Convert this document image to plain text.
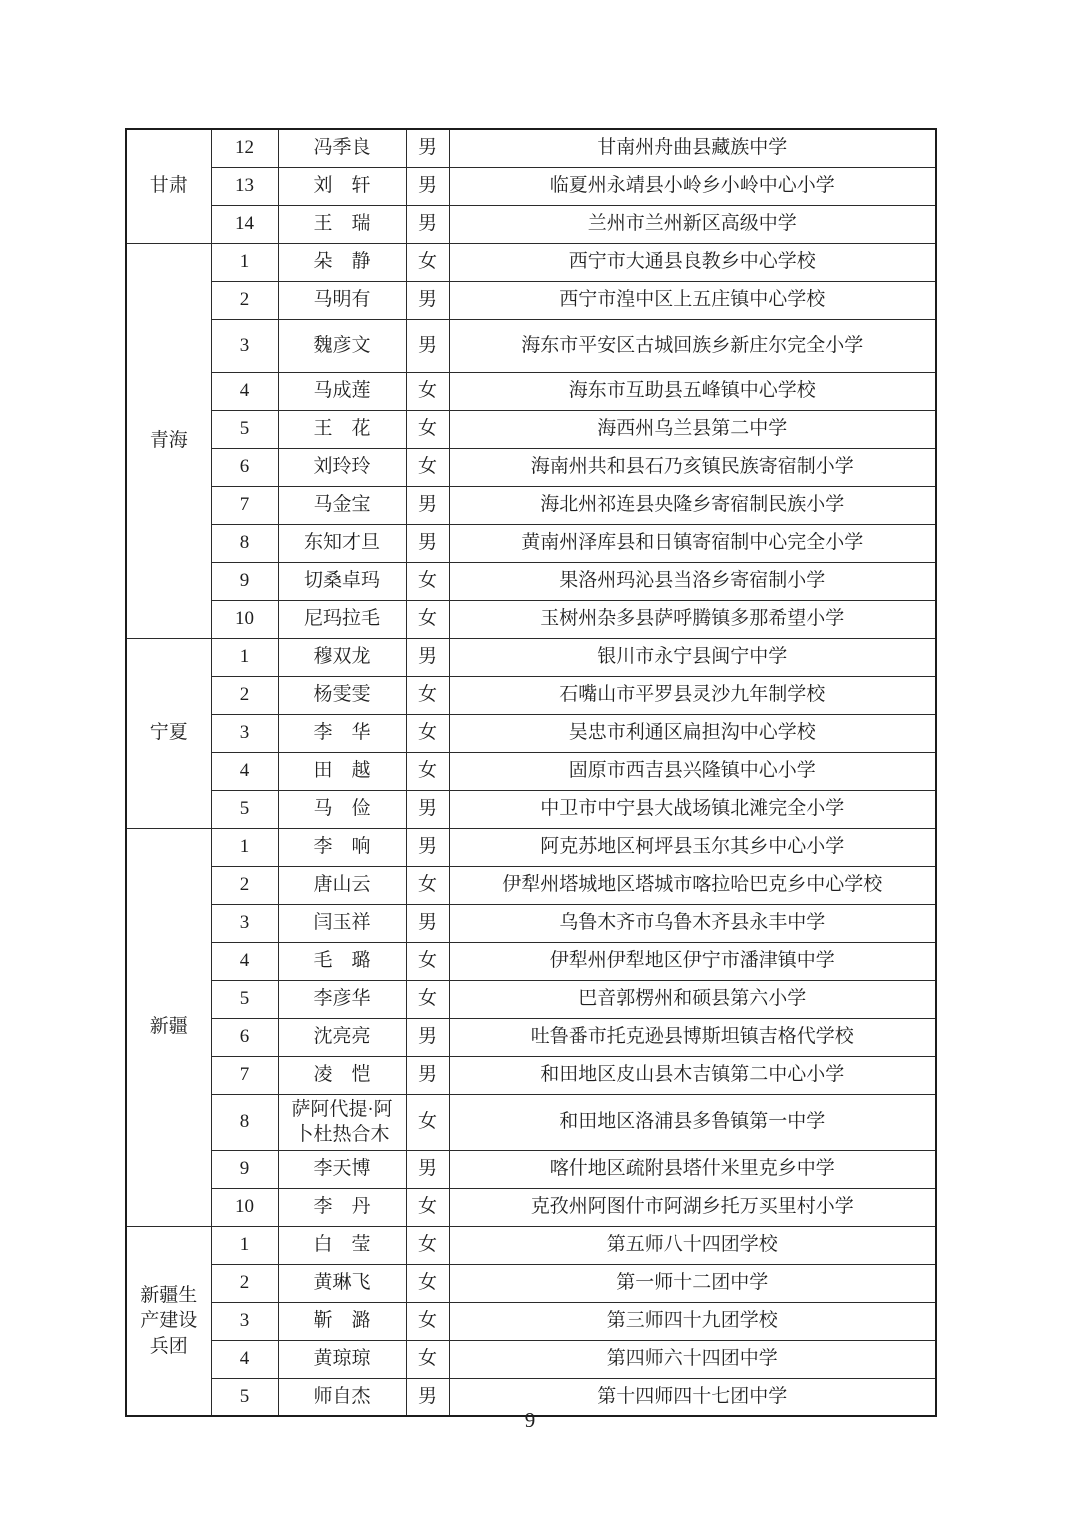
甘肃	12	冯季良	男	甘南州舟曲县藏族中学
	13	刘　轩	男	临夏州永靖县小岭乡小岭中心小学
	14	王　瑞	男	兰州市兰州新区高级中学
青海	1	朵　静	女	西宁市大通县良教乡中心学校
	2	马明有	男	西宁市湟中区上五庄镇中心学校
	3	魏彦文	男	海东市平安区古城回族乡新庄尔完全小学
	4	马成莲	女	海东市互助县五峰镇中心学校
	5	王　花	女	海西州乌兰县第二中学
	6	刘玲玲	女	海南州共和县石乃亥镇民族寄宿制小学
	7	马金宝	男	海北州祁连县央隆乡寄宿制民族小学
	8	东知才旦	男	黄南州泽库县和日镇寄宿制中心完全小学
	9	切桑卓玛	女	果洛州玛沁县当洛乡寄宿制小学
	10	尼玛拉毛	女	玉树州杂多县萨呼腾镇多那希望小学
宁夏	1	穆双龙	男	银川市永宁县闽宁中学
	2	杨雯雯	女	石嘴山市平罗县灵沙九年制学校
	3	李　华	女	吴忠市利通区扁担沟中心学校
	4	田　越	女	固原市西吉县兴隆镇中心小学
	5	马　俭	男	中卫市中宁县大战场镇北滩完全小学
新疆	1	李　响	男	阿克苏地区柯坪县玉尔其乡中心小学
	2	唐山云	女	伊犁州塔城地区塔城市喀拉哈巴克乡中心学校
	3	闫玉祥	男	乌鲁木齐市乌鲁木齐县永丰中学
	4	毛　璐	女	伊犁州伊犁地区伊宁市潘津镇中学
	5	李彦华	女	巴音郭楞州和硕县第六小学
	6	沈亮亮	男	吐鲁番市托克逊县博斯坦镇吉格代学校
	7	凌　恺	男	和田地区皮山县木吉镇第二中心小学
	8	萨阿代提·阿卜杜热合木	女	和田地区洛浦县多鲁镇第一中学
	9	李天博	男	喀什地区疏附县塔什米里克乡中学
	10	李　丹	女	克孜州阿图什市阿湖乡托万买里村小学
新疆生产建设兵团	1	白　莹	女	第五师八十四团学校
	2	黄琳飞	女	第一师十二团中学
	3	靳　潞	女	第三师四十九团学校
	4	黄琼琼	女	第四师六十四团中学
	5	师自杰	男	第十四师四十七团中学
9
